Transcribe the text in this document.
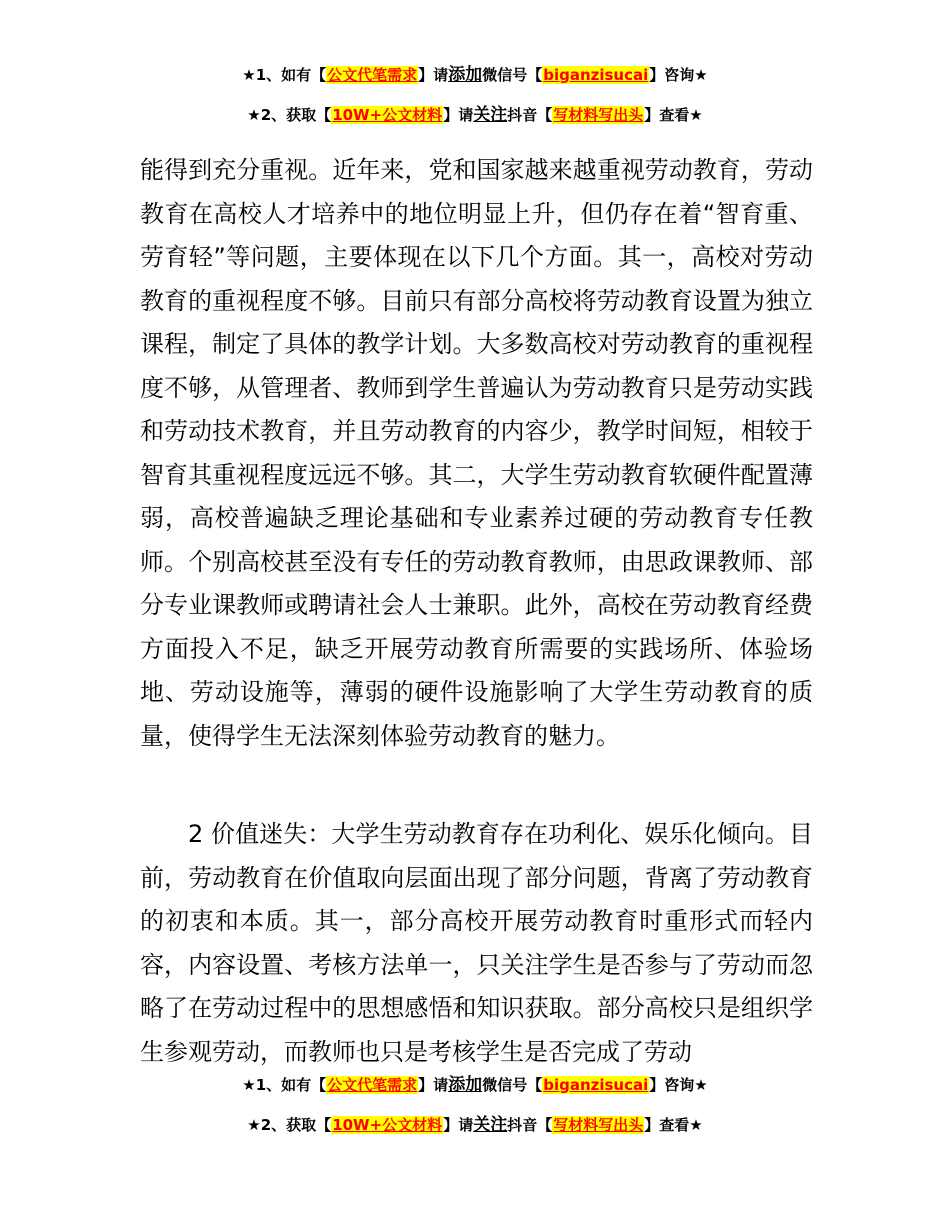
★1、如有【公文代笔需求】请添加微信号【biganzisucai】咨询★
★2、获取【10W+公文材料】请关注抖音【写材料写出头】查看★

能得到充分重视。近年来，党和国家越来越重视劳动教育，劳动教育在高校人才培养中的地位明显上升，但仍存在着“智育重、劳育轻”等问题，主要体现在以下几个方面。其一，高校对劳动教育的重视程度不够。目前只有部分高校将劳动教育设置为独立课程，制定了具体的教学计划。大多数高校对劳动教育的重视程度不够，从管理者、教师到学生普遍认为劳动教育只是劳动实践和劳动技术教育，并且劳动教育的内容少，教学时间短，相较于智育其重视程度远远不够。其二，大学生劳动教育软硬件配置薄弱，高校普遍缺乏理论基础和专业素养过硬的劳动教育专任教师。个别高校甚至没有专任的劳动教育教师，由思政课教师、部分专业课教师或聘请社会人士兼职。此外，高校在劳动教育经费方面投入不足，缺乏开展劳动教育所需要的实践场所、体验场地、劳动设施等，薄弱的硬件设施影响了大学生劳动教育的质量，使得学生无法深刻体验劳动教育的魅力。

2 价值迷失：大学生劳动教育存在功利化、娱乐化倾向。目前，劳动教育在价值取向层面出现了部分问题，背离了劳动教育的初衷和本质。其一，部分高校开展劳动教育时重形式而轻内容，内容设置、考核方法单一，只关注学生是否参与了劳动而忽略了在劳动过程中的思想感悟和知识获取。部分高校只是组织学生参观劳动，而教师也只是考核学生是否完成了劳动

★1、如有【公文代笔需求】请添加微信号【biganzisucai】咨询★
★2、获取【10W+公文材料】请关注抖音【写材料写出头】查看★
